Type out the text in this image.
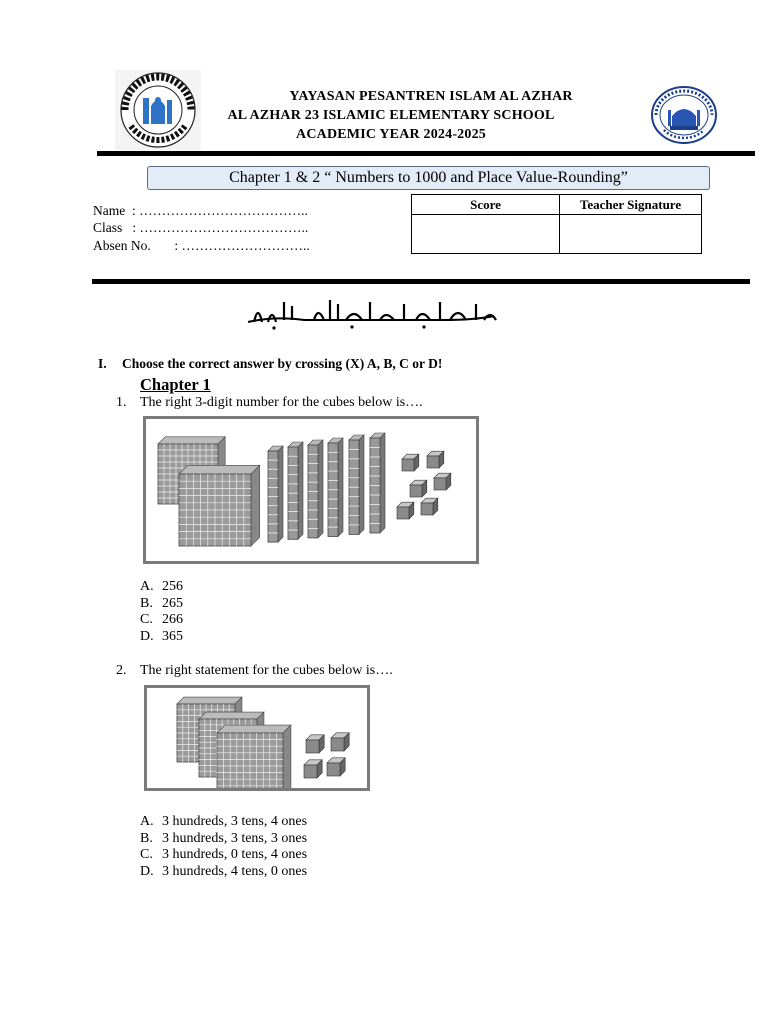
YAYASAN PESANTREN ISLAM AL AZHAR
AL AZHAR 23 ISLAMIC ELEMENTARY SCHOOL
ACADEMIC YEAR 2024-2025
Chapter 1 & 2 “ Numbers to 1000 and Place Value-Rounding”
Name  : ………………………………..
Class   : ………………………………..
Absen No.       : ………………………..
Score	Teacher Signature

I. Choose the correct answer by crossing (X) A, B, C or D!
Chapter 1
1. The right 3-digit number for the cubes below is….
A. 256
B. 265
C. 266
D. 365
2. The right statement for the cubes below is….
A. 3 hundreds, 3 tens, 4 ones
B. 3 hundreds, 3 tens, 3 ones
C. 3 hundreds, 0 tens, 4 ones
D. 3 hundreds, 4 tens, 0 ones
